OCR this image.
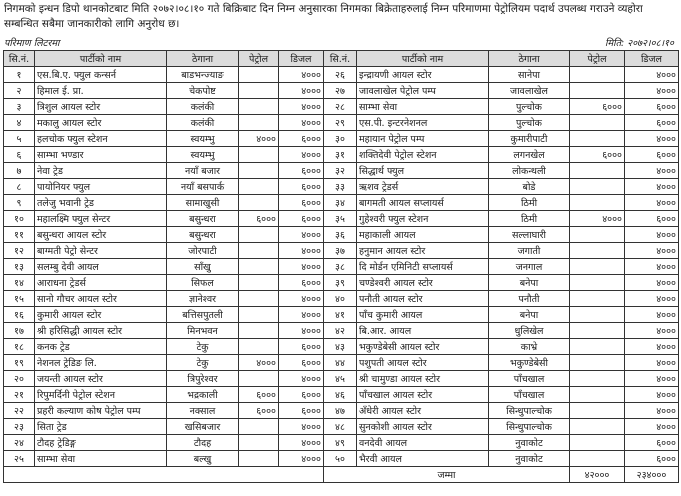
निगमको इन्धन डिपो थानकोटबाट मिति २०७२।०८।१० गते बिक्रिबाट दिन निम्न अनुसारका निगमका बिक्रेताहरुलाई निम्न परिमाणमा पेट्रोलियम पदार्थ उपलब्ध गराउने व्यहोरा सम्बन्धित सबैमा जानकारीको लागि अनुरोध छ।
परिमाण लिटरमा	मिति: २०७२।०८।१०
सि.नं.	पार्टीको नाम	ठेगाना	पेट्रोल	डिजल	सि.नं.	पार्टीको नाम	ठेगाना	पेट्रोल	डिजल
१	एस.बि.ए. फ्युल कन्सर्न	बाडभन्ज्याङ		४०००	२६	इन्द्रायणी आयल स्टोर	सानेपा		४०००
२	हिमाल ई. प्रा.	चेकपोष्ट		४०००	२७	जावलाखेल पेट्रोल पम्प	जावलाखेल		४०००
३	त्रिशुल आयल स्टोर	कलंकी		४०००	२८	साम्भा सेवा	पुल्चोक	६०००	६०००
४	मकालु आयल स्टोर	कलंकी		४०००	२९	एस.पी. इन्टरनेशनल	पुल्चोक		६०००
५	हलचोक फ्युल स्टेशन	स्वयम्भु	४०००	६०००	३०	महायान पेट्रोल पम्प	कुमारीपाटी		४०००
६	साम्भा भण्डार	स्वयम्भु		४०००	३१	शक्तिदेवी पेट्रोल स्टेशन	लगनखेल	६०००	६०००
७	नेवा ट्रेड	नयाँ बजार		६०००	३२	सिद्धार्थ फ्युल	लोकन्थली		४०००
८	पायोनियर फ्युल	नयाँ बसपार्क		६०००	३३	ऋशव ट्रेडर्स	बोडे		४०००
९	तलेजु भवानी ट्रेड	सामाखुसी		६०००	३४	बागमती आयल सप्लायर्स	ठिमी		४०००
१०	महालक्ष्मि फ्युल सेन्टर	बसुन्धरा	६०००	६०००	३५	गुहेश्वरी फ्युल स्टेशन	ठिमी	४०००	६०००
११	बसुन्धरा आयल स्टोर	बसुन्धरा		४०००	३६	महाकाली आयल	सल्लाघारी		४०००
१२	बाग्मती पेट्रो सेन्टर	जोरपाटी		४०००	३७	हनुमान आयल स्टोर	जगाती		४०००
१३	सलम्बु देवी आयल	साँखु		४०००	३८	दि मोर्डन एमिनिटी सप्लायर्स	जनगाल		४०००
१४	आराधना ट्रेडर्स	सिफल		६०००	३९	चण्डेश्वरी आयल स्टोर	बनेपा		४०००
१५	सानो गौचर आयल स्टोर	ज्ञानेश्वर		४०००	४०	पनौती आयल स्टोर	पनौती		४०००
१६	कुमारी आयल स्टोर	बत्तिसपुतली		४०००	४१	पाँच कुमारी आयल	बनेपा		४०००
१७	श्री हरिसिद्धी आयल स्टोर	मिनभवन		४०००	४२	बि.आर. आयल	धुलिखेल		४०००
१८	कनक ट्रेड	टेकु		६०००	४३	भकुण्डेबेसी आयल स्टोर	काभ्रे		४०००
१९	नेशनल ट्रेडिङ लि.	टेकु	४०००	६०००	४४	पशुपती आयल स्टोर	भकुण्डेबेसी		४०००
२०	जयन्ती आयल स्टोर	त्रिपुरेश्वर		४०००	४५	श्री चामुण्डा आयल स्टोर	पाँचखाल		४०००
२१	रिपुमर्दिनी पेट्रोल स्टेशन	भद्रकाली	६०००	६०००	४६	पाँचखाल आयल स्टोर	पाँचखाल		४०००
२२	प्रहरी कल्याण कोष पेट्रोल पम्प	नक्साल	६०००	६०००	४७	अँधेरी आयल स्टोर	सिन्धुपाल्चोक		४०००
२३	सिता ट्रेड	खसिबजार		४०००	४८	सुनकोशी आयल स्टोर	सिन्धुपाल्चोक		४०००
२४	टौदह ट्रेडिङ्ग	टौदह		४०००	४९	वनदेवी आयल	नुवाकोट		६०००
२५	साम्भा सेवा	बल्खु		४०००	५०	भैरवी आयल	नुवाकोट		६०००
					जम्मा			४२०००	२३४०००
